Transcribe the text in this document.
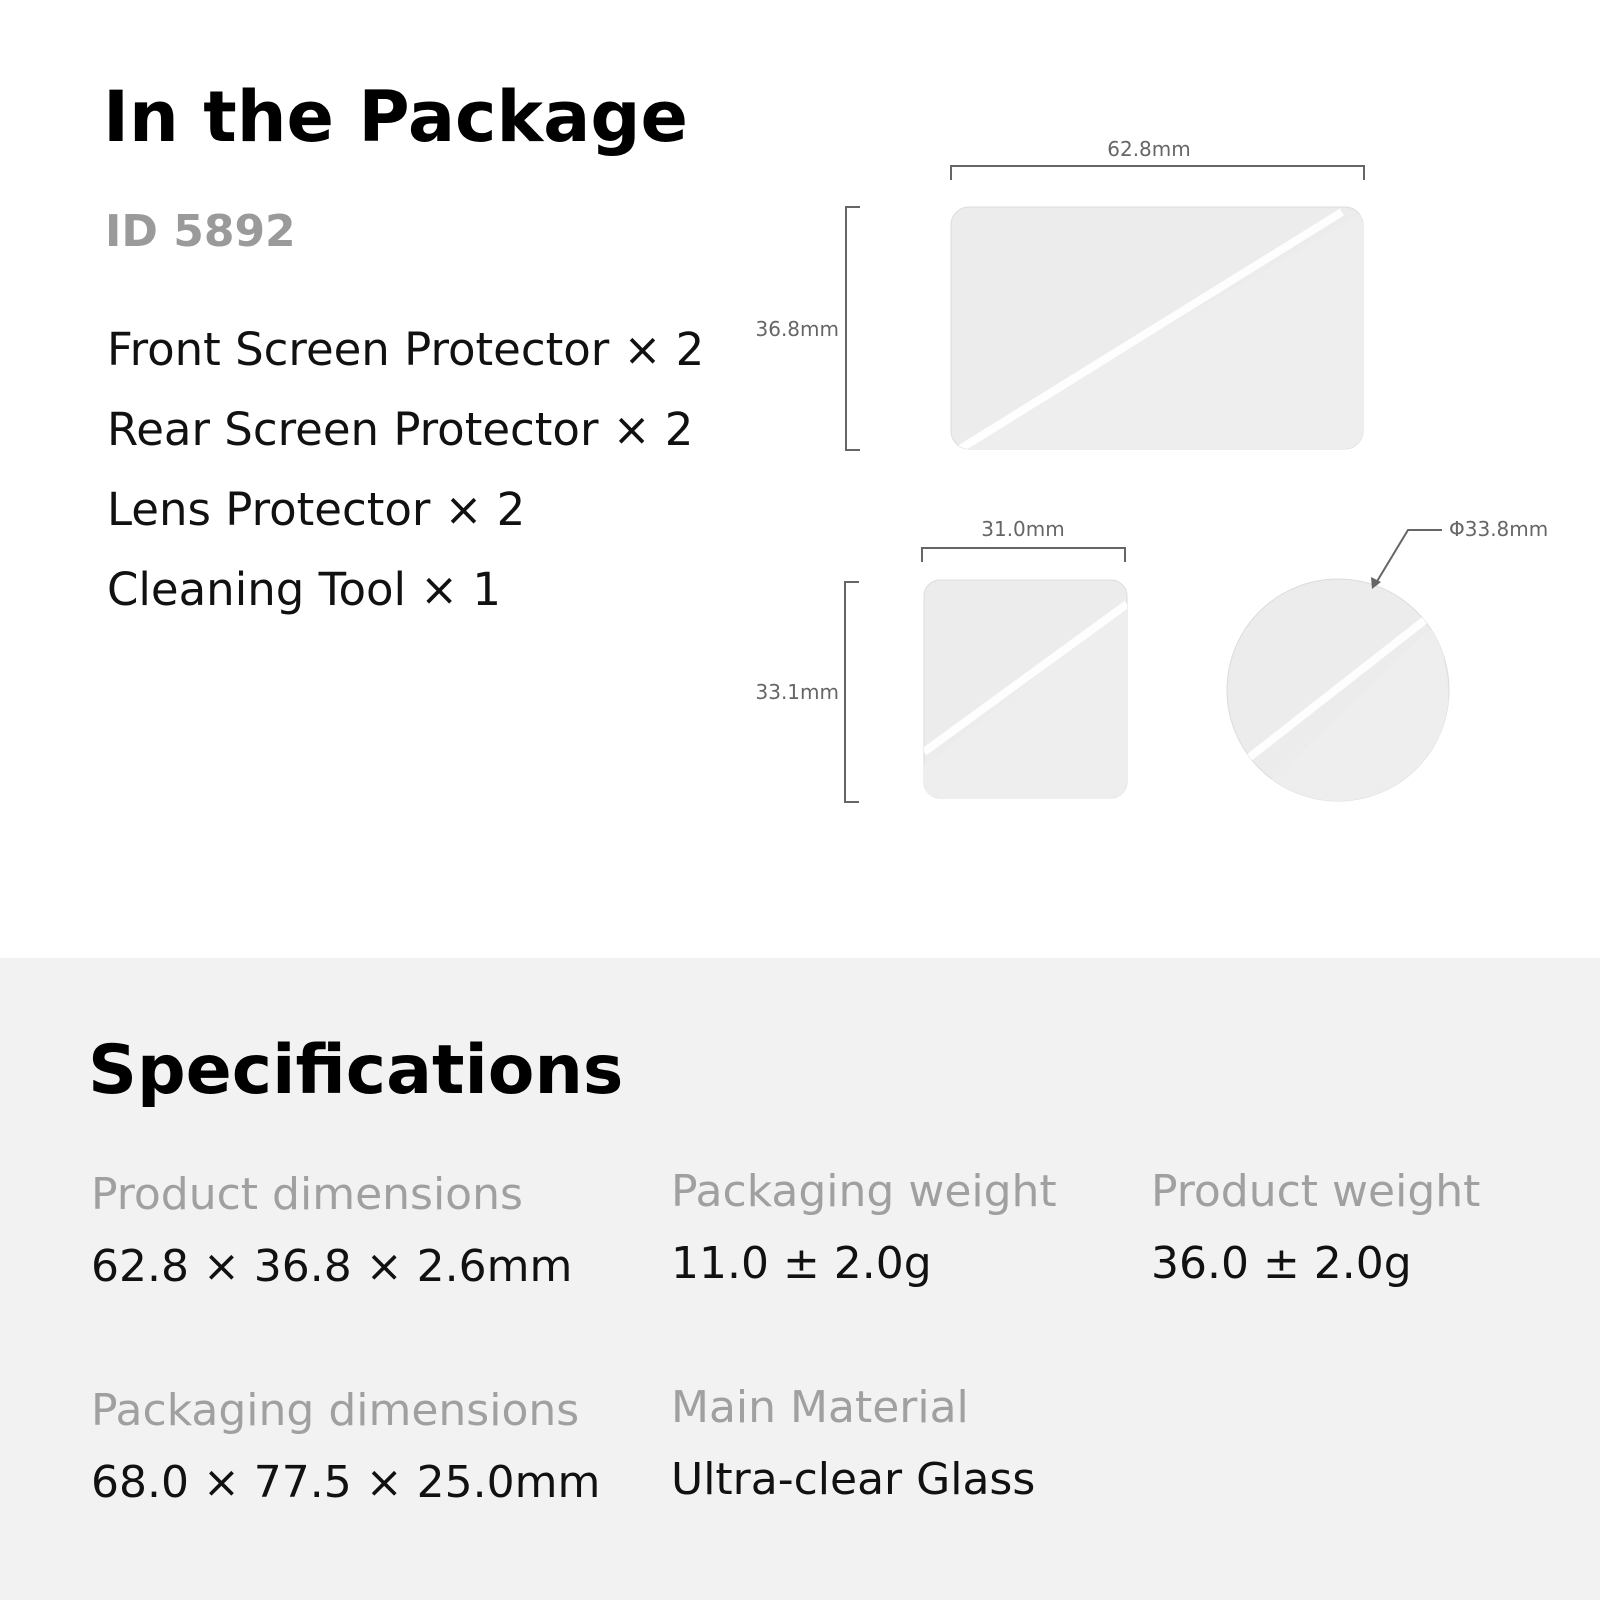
In the Package
ID 5892
Front Screen Protector × 2
Rear Screen Protector × 2
Lens Protector × 2
Cleaning Tool × 1
62.8mm
36.8mm
31.0mm
33.1mm
Φ33.8mm
Specifications
Product dimensions
62.8 × 36.8 × 2.6mm
Packaging weight
11.0 ± 2.0g
Product weight
36.0 ± 2.0g
Packaging dimensions
68.0 × 77.5 × 25.0mm
Main Material
Ultra-clear Glass
